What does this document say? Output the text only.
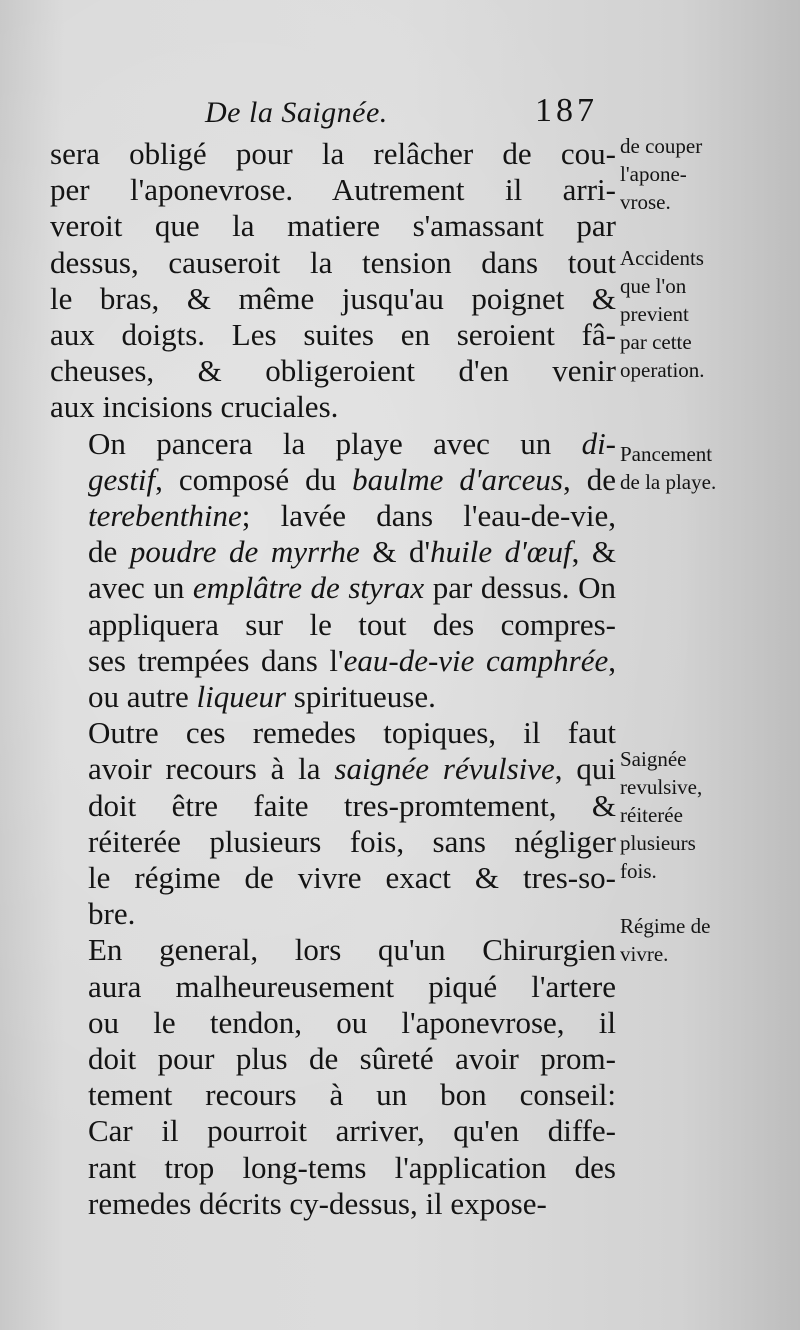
De la Saignée.	187

sera obligé pour la relâcher de cou-
per l'aponevrose. Autrement il arri-
veroit que la matiere s'amassant par
dessus, causeroit la tension dans tout
le bras, & même jusqu'au poignet &
aux doigts. Les suites en seroient fâ-
cheuses, & obligeroient d'en venir
aux incisions cruciales.

On pancera la playe avec un di-
gestif, composé du baulme d'arceus, de
terebenthine; lavée dans l'eau-de-vie,
de poudre de myrrhe & d'huile d'œuf, &
avec un emplâtre de styrax par dessus. On
appliquera sur le tout des compres-
ses trempées dans l'eau-de-vie camphrée,
ou autre liqueur spiritueuse.

Outre ces remedes topiques, il faut
avoir recours à la saignée révulsive, qui
doit être faite tres-promtement, &
réiterée plusieurs fois, sans négliger
le régime de vivre exact & tres-so-
bre.

En general, lors qu'un Chirurgien
aura malheureusement piqué l'artere
ou le tendon, ou l'aponevrose, il
doit pour plus de sûreté avoir prom-
tement recours à un bon conseil:
Car il pourroit arriver, qu'en diffe-
rant trop long-tems l'application des
remedes décrits cy-dessus, il expose-

de couper
l'apone-
vrose.
Accidents
que l'on
previent
par cette
operation.
Pancement
de la playe.
Saignée
revulsive,
réiterée
plusieurs
fois.
Régime de
vivre.
